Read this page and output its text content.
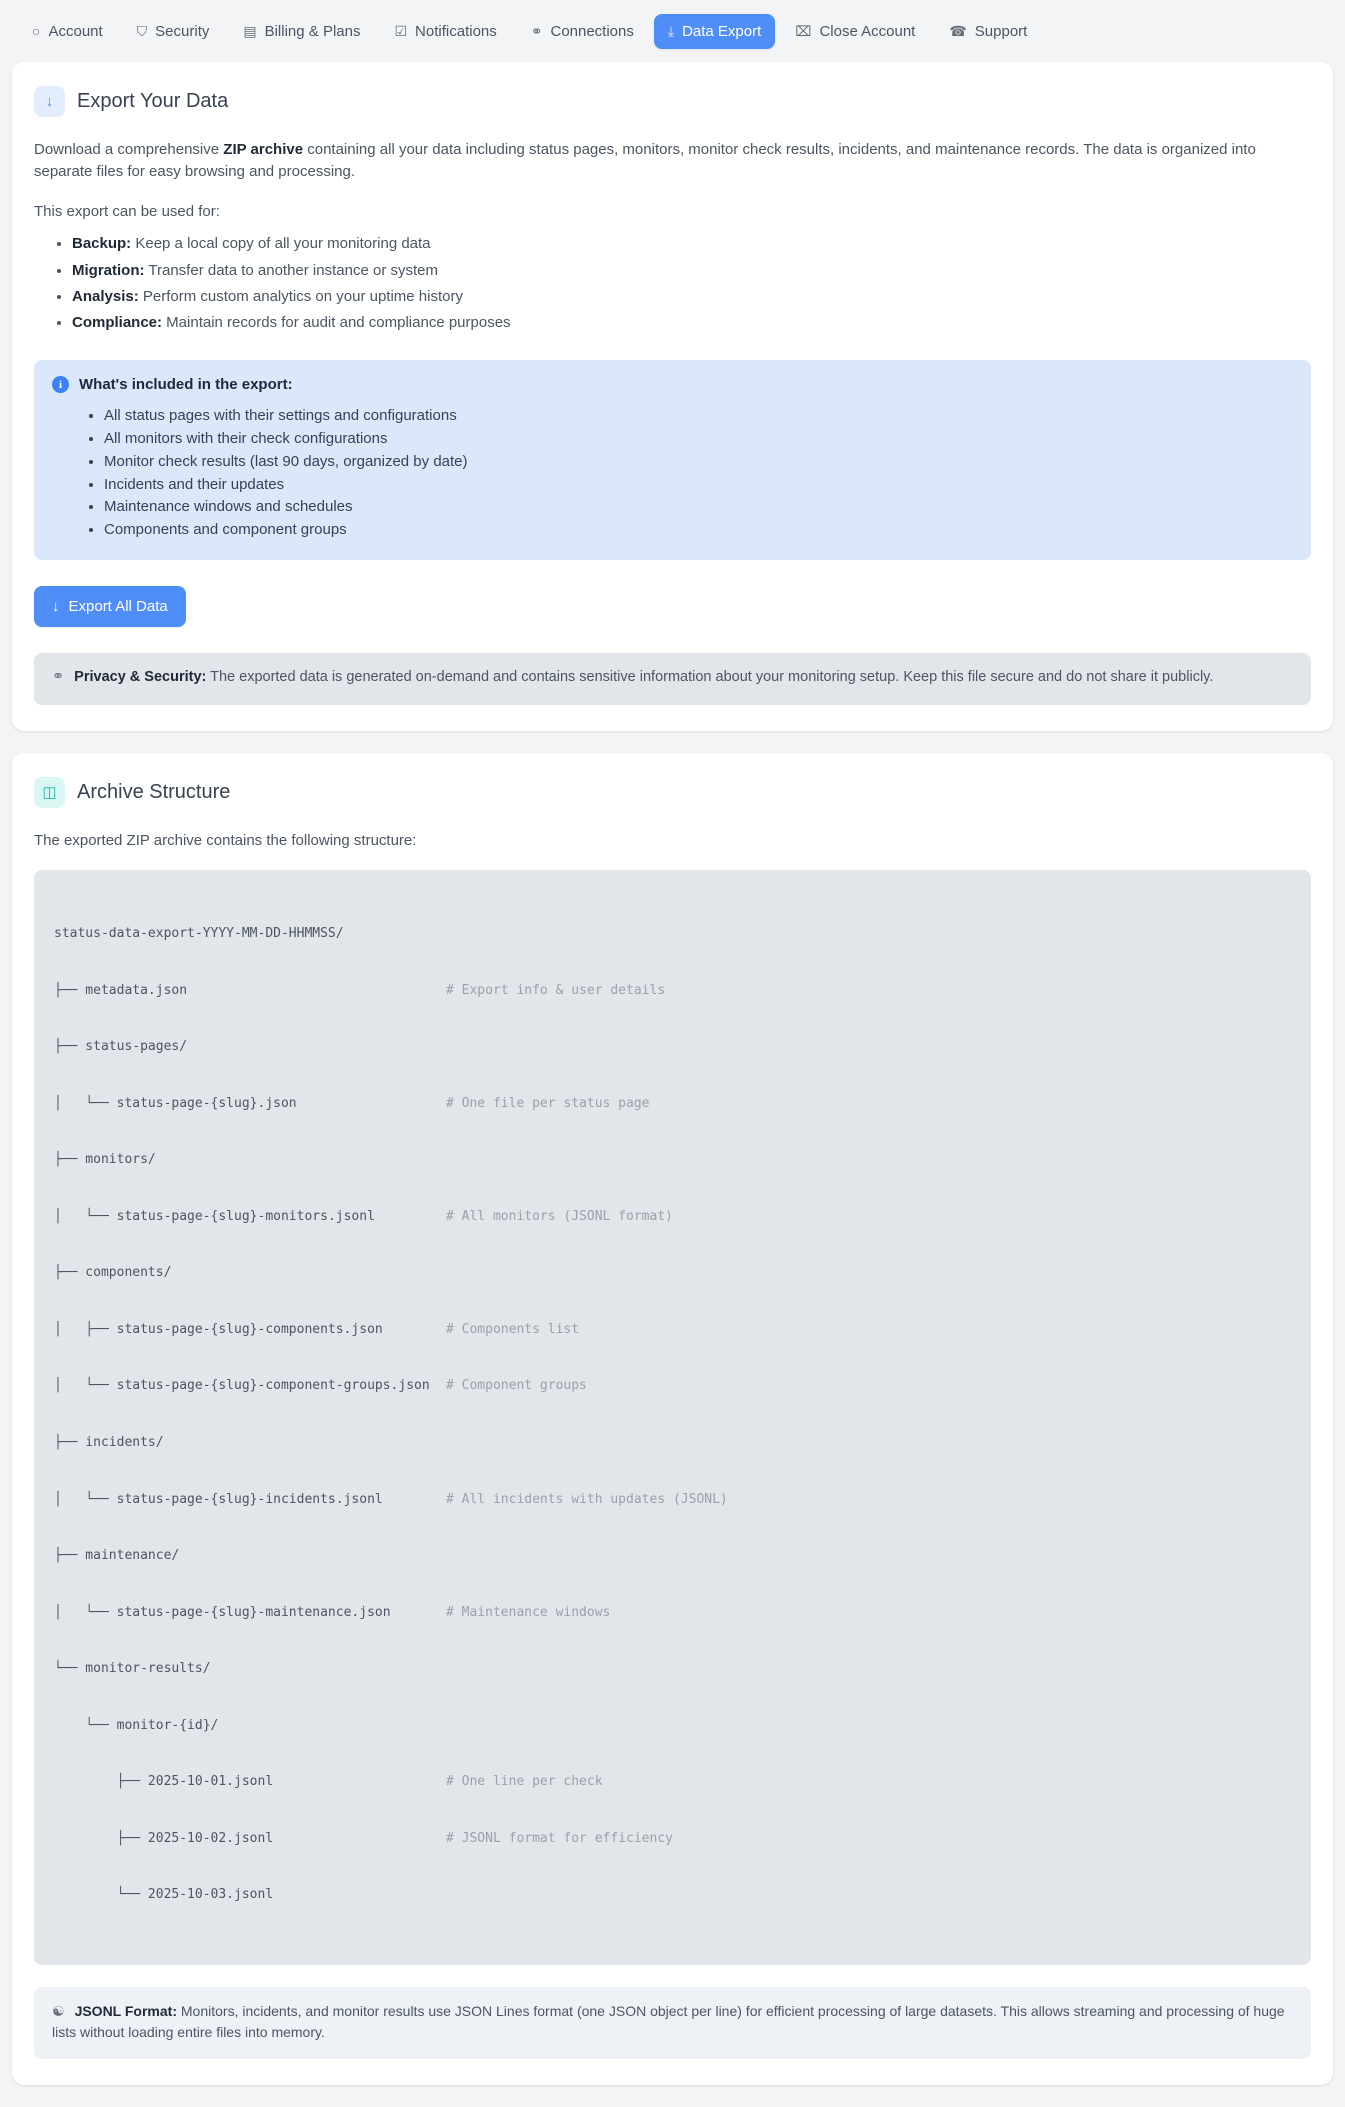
○ Account ⛉ Security ▤ Billing & Plans ☑ Notifications ⚭ Connections ⤓ Data Export ⌧ Close Account ☎ Support
↓	Export Your Data

Download a comprehensive ZIP archive containing all your data including status pages, monitors, monitor check results, incidents, and maintenance records. The data is organized into separate files for easy browsing and processing.

This export can be used for:

• Backup: Keep a local copy of all your monitoring data
• Migration: Transfer data to another instance or system
• Analysis: Perform custom analytics on your uptime history
• Compliance: Maintain records for audit and compliance purposes
i	What's included in the export:
• All status pages with their settings and configurations
• All monitors with their check configurations
• Monitor check results (last 90 days, organized by date)
• Incidents and their updates
• Maintenance windows and schedules
• Components and component groups
↓ Export All Data
⚭ Privacy & Security: The exported data is generated on-demand and contains sensitive information about your monitoring setup. Keep this file secure and do not share it publicly.
◫	Archive Structure

The exported ZIP archive contains the following structure:

status-data-export-YYYY-MM-DD-HHMMSS/

├── metadata.json	# Export info & user details

├── status-pages/

│   └── status-page-{slug}.json	# One file per status page

├── monitors/

│   └── status-page-{slug}-monitors.jsonl	# All monitors (JSONL format)

├── components/

│   ├── status-page-{slug}-components.json	# Components list

│   └── status-page-{slug}-component-groups.json	# Component groups

├── incidents/

│   └── status-page-{slug}-incidents.jsonl	# All incidents with updates (JSONL)

├── maintenance/

│   └── status-page-{slug}-maintenance.json	# Maintenance windows

└── monitor-results/

└── monitor-{id}/

├── 2025-10-01.jsonl	# One line per check

├── 2025-10-02.jsonl	# JSONL format for efficiency

└── 2025-10-03.jsonl

☯ JSONL Format: Monitors, incidents, and monitor results use JSON Lines format (one JSON object per line) for efficient processing of large datasets. This allows streaming and processing of huge lists without loading entire files into memory.
